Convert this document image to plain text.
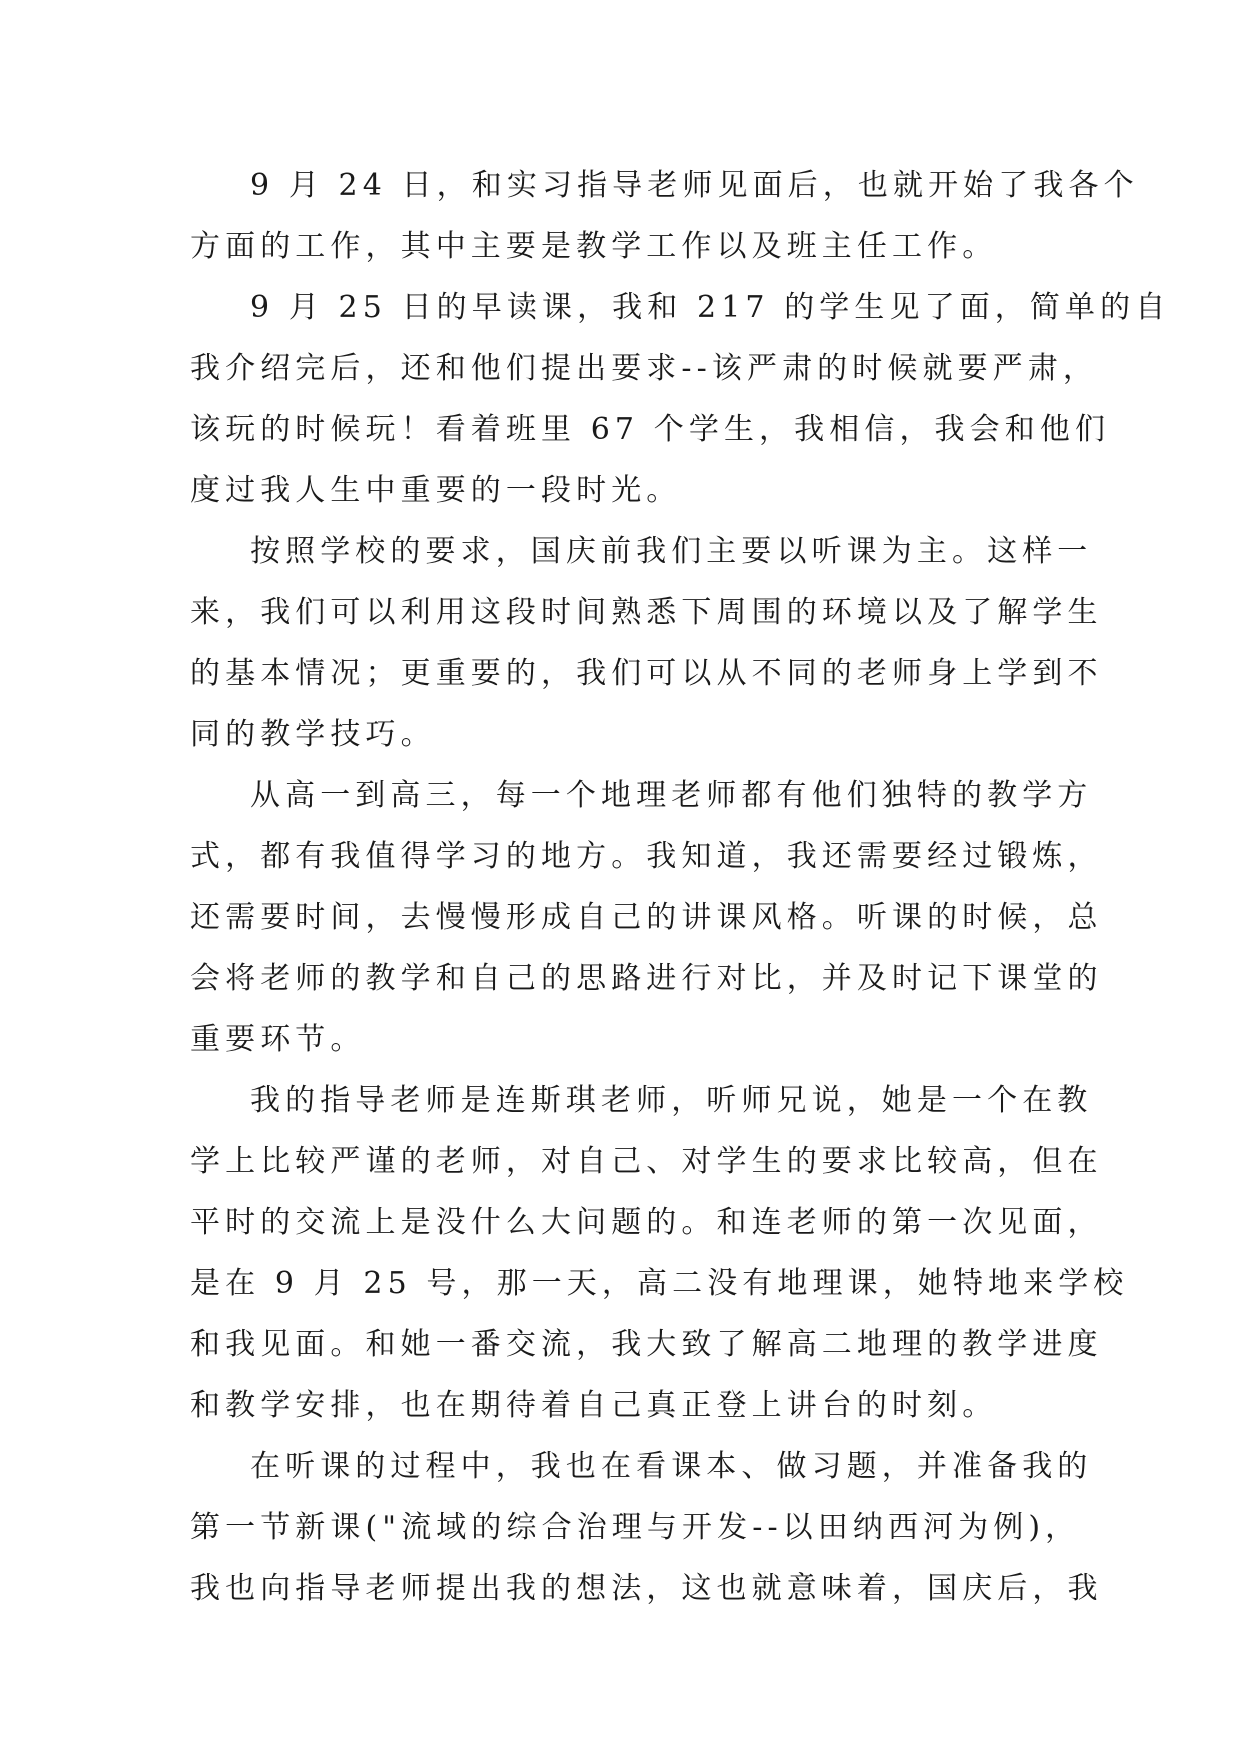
9 月 24 日，和实习指导老师见面后，也就开始了我各个
方面的工作，其中主要是教学工作以及班主任工作。

9 月 25 日的早读课，我和 217 的学生见了面，简单的自
我介绍完后，还和他们提出要求--该严肃的时候就要严肃，
该玩的时候玩！看着班里 67 个学生，我相信，我会和他们
度过我人生中重要的一段时光。

按照学校的要求，国庆前我们主要以听课为主。这样一
来，我们可以利用这段时间熟悉下周围的环境以及了解学生
的基本情况；更重要的，我们可以从不同的老师身上学到不
同的教学技巧。

从高一到高三，每一个地理老师都有他们独特的教学方
式，都有我值得学习的地方。我知道，我还需要经过锻炼，
还需要时间，去慢慢形成自己的讲课风格。听课的时候，总
会将老师的教学和自己的思路进行对比，并及时记下课堂的
重要环节。

我的指导老师是连斯琪老师，听师兄说，她是一个在教
学上比较严谨的老师，对自己、对学生的要求比较高，但在
平时的交流上是没什么大问题的。和连老师的第一次见面，
是在 9 月 25 号，那一天，高二没有地理课，她特地来学校
和我见面。和她一番交流，我大致了解高二地理的教学进度
和教学安排，也在期待着自己真正登上讲台的时刻。

在听课的过程中，我也在看课本、做习题，并准备我的
第一节新课("流域的综合治理与开发--以田纳西河为例)，
我也向指导老师提出我的想法，这也就意味着，国庆后，我
